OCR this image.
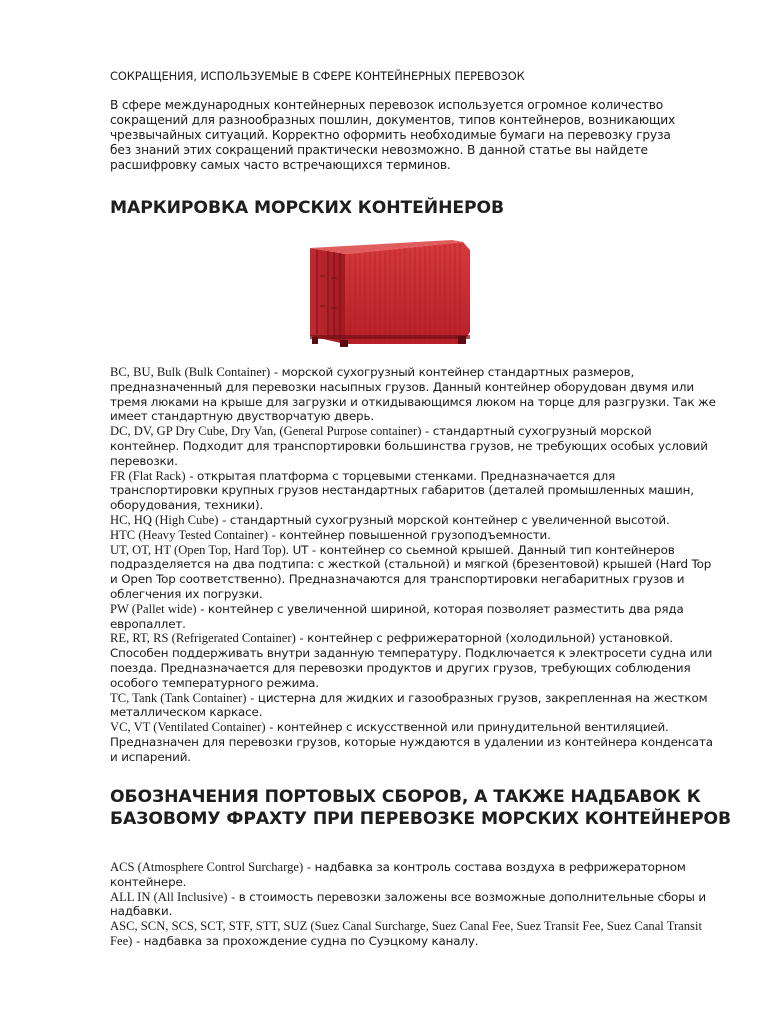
СОКРАЩЕНИЯ, ИСПОЛЬЗУЕМЫЕ В СФЕРЕ КОНТЕЙНЕРНЫХ ПЕРЕВОЗОК
В сфере международных контейнерных перевозок используется огромное количество сокращений для разнообразных пошлин, документов, типов контейнеров, возникающих чрезвычайных ситуаций. Корректно оформить необходимые бумаги на перевозку груза без знаний этих сокращений практически невозможно. В данной статье вы найдете расшифровку самых часто встречающихся терминов.
МАРКИРОВКА МОРСКИХ КОНТЕЙНЕРОВ

BC, BU, Bulk (Bulk Container) - морской сухогрузный контейнер стандартных размеров, предназначенный для перевозки насыпных грузов. Данный контейнер оборудован двумя или тремя люками на крыше для загрузки и откидывающимся люком на торце для разгрузки. Так же имеет стандартную двустворчатую дверь.

DC, DV, GP Dry Cube, Dry Van, (General Purpose container) - стандартный сухогрузный морской контейнер. Подходит для транспортировки большинства грузов, не требующих особых условий перевозки.

FR (Flat Rack) - открытая платформа с торцевыми стенками. Предназначается для транспортировки крупных грузов нестандартных габаритов (деталей промышленных машин, оборудования, техники).

HC, HQ (High Cube) - стандартный сухогрузный морской контейнер с увеличенной высотой.

HTC (Heavy Tested Container) - контейнер повышенной грузоподъемности.

UT, OT, HT (Open Top, Hard Top). UT - контейнер со сьемной крышей. Данный тип контейнеров подразделяется на два подтипа: с жесткой (стальной) и мягкой (брезентовой) крышей (Hard Top и Open Top соответственно). Предназначаются для транспортировки негабаритных грузов и облегчения их погрузки.

PW (Pallet wide) - контейнер с увеличенной шириной, которая позволяет разместить два ряда европаллет.

RE, RT, RS (Refrigerated Container) - контейнер с рефрижераторной (холодильной) установкой. Способен поддерживать внутри заданную температуру. Подключается к электросети судна или поезда. Предназначается для перевозки продуктов и других грузов, требующих соблюдения особого температурного режима.

TC, Tank (Tank Container) - цистерна для жидких и газообразных грузов, закрепленная на жестком металлическом каркасе.

VC, VT (Ventilated Container) - контейнер с искусственной или принудительной вентиляцией. Предназначен для перевозки грузов, которые нуждаются в удалении из контейнера конденсата и испарений.

ОБОЗНАЧЕНИЯ ПОРТОВЫХ СБОРОВ, А ТАКЖЕ НАДБАВОК К БАЗОВОМУ ФРАХТУ ПРИ ПЕРЕВОЗКЕ МОРСКИХ КОНТЕЙНЕРОВ

ACS (Atmosphere Control Surcharge) - надбавка за контроль состава воздуха в рефрижераторном контейнере.

ALL IN (All Inclusive) - в стоимость перевозки заложены все возможные дополнительные сборы и надбавки.

ASC, SCN, SCS, SCT, STF, STT, SUZ (Suez Canal Surcharge, Suez Canal Fee, Suez Transit Fee, Suez Canal Transit Fee) - надбавка за прохождение судна по Суэцкому каналу.
